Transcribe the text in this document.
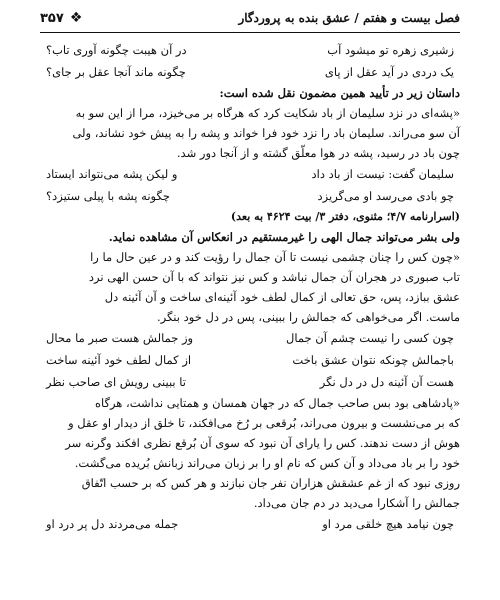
فصل بیست و هفتم / عشق بنده به پروردگار
۳۵۷ ❖
زشیری زهره تو میشود آب
در آن هیبت چگونه آوری تاب؟
یک دردی در آید عقل از پای
چگونه ماند آنجا عقل بر جای؟
داستان زیر در تأیید همین مضمون نقل شده است:
«پشه‌ای در نزد سلیمان از باد شکایت کرد که هرگاه بر می‌خیزد، مرا از این سو به
آن سو می‌راند. سلیمان باد را نزد خود فرا خواند و پشه را به پیش خود نشاند، ولی
چون باد در رسید، پشه در هوا معلّق گشته و از آنجا دور شد.
سلیمان گفت: نیست از باد داد
و لیکن پشه می‌نتواند ایستاد
چو بادی می‌رسد او می‌گریزد
چگونه پشه با پیلی ستیزد؟
(اسرارنامه ۴/۷؛ مثنوی، دفتر ۳/ بیت ۴۶۲۴ به بعد)
ولی بشر می‌تواند جمال الهی را غیرمستقیم در انعکاس آن مشاهده نماید.
«چون کس را چنان چشمی نیست تا آن جمال را رؤیت کند و در عین حال ما را
تاب صبوری در هجران آن جمال نباشد و کس نیز نتواند که با آن حسن الهی نرد
عشق ببازد، پس، حق تعالی از کمال لطف خود آئینه‌ای ساخت و آن آئینه دل
ماست. اگر می‌خواهی که جمالش را ببینی، پس در دل خود بنگر.
چون کسی را نیست چشم آن جمال
وز جمالش هست صبر ما محال
باجمالش چونکه نتوان عشق باخت
از کمال لطف خود آئینه ساخت
هست آن آئینه دل در دل نگر
تا ببینی رویش ای صاحب نظر
«پادشاهی بود بس صاحب جمال که در جهان همسان و همتایی نداشت، هرگاه
که بر می‌نشست و بیرون می‌راند، بُرقعی بر رُخ می‌افکند، تا خلق از دیدار او عقل و
هوش از دست ندهند. کس را یارای آن نبود که سوی آن بُرقع نظری افکند وگرنه سر
خود را بر باد می‌داد و آن کس که نام او را بر زبان می‌راند زبانش بُریده می‌گشت.
روزی نبود که از غم عشقش هزاران نفر جان نبازند و هر کس که بر حسب اتّفاق
جمالش را آشکارا می‌دید در دم جان می‌داد.
چون نیامد هیچ خلقی مرد او
جمله می‌مردند دل پر درد او
